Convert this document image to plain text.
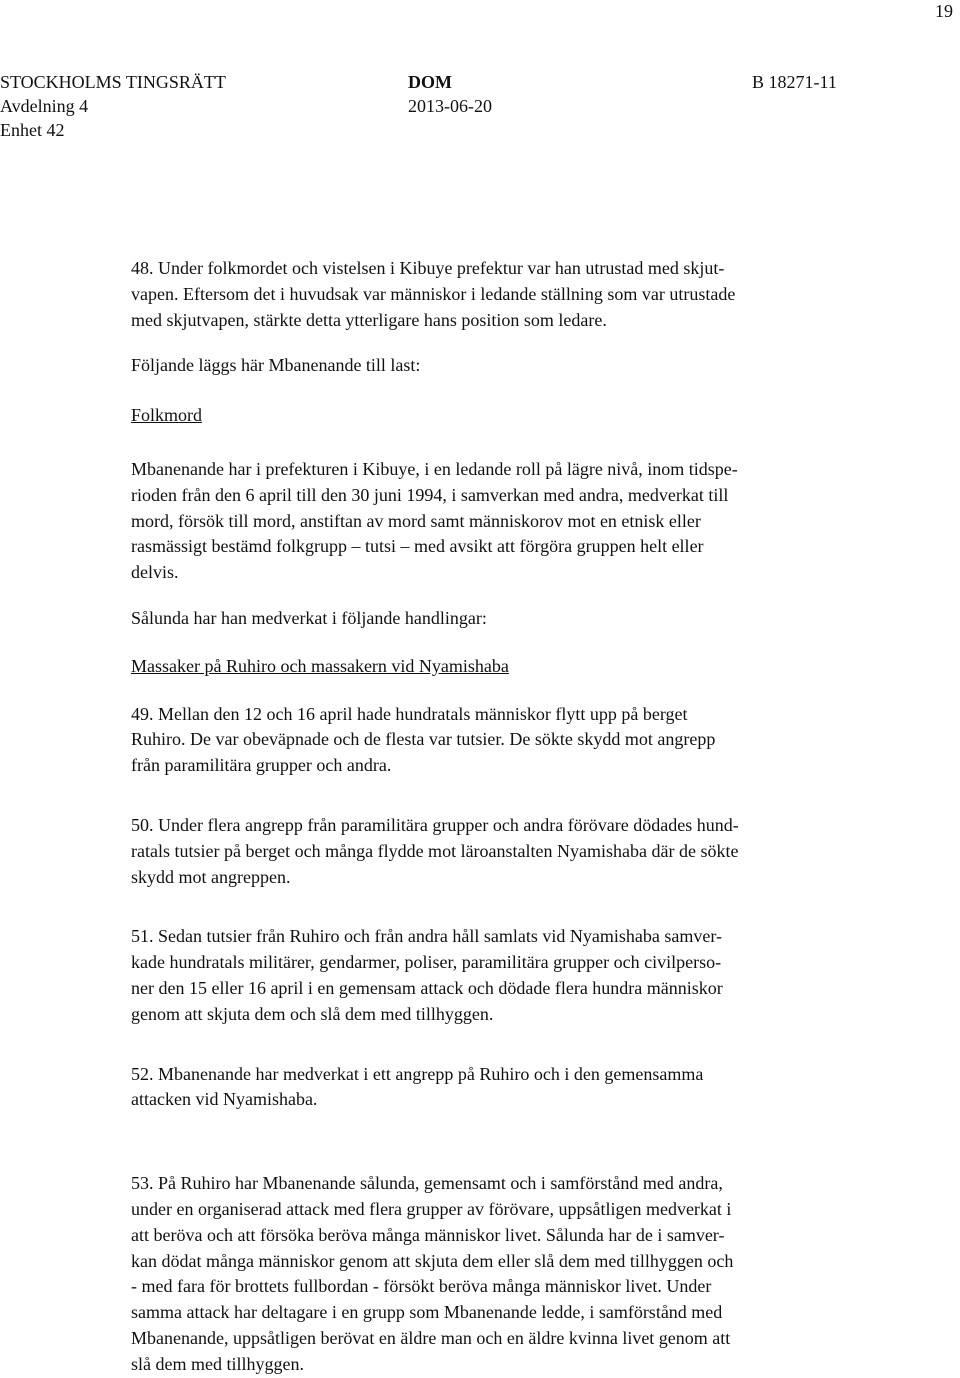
19
STOCKHOLMS TINGSRÄTT
Avdelning 4
Enhet 42
DOM
2013-06-20
B 18271-11

48. Under folkmordet och vistelsen i Kibuye prefektur var han utrustad med skjut-

vapen. Eftersom det i huvudsak var människor i ledande ställning som var utrustade

med skjutvapen, stärkte detta ytterligare hans position som ledare.

Följande läggs här Mbanenande till last:

Folkmord

Mbanenande har i prefekturen i Kibuye, i en ledande roll på lägre nivå, inom tidspe-

rioden från den 6 april till den 30 juni 1994, i samverkan med andra, medverkat till

mord, försök till mord, anstiftan av mord samt människorov mot en etnisk eller

rasmässigt bestämd folkgrupp – tutsi – med avsikt att förgöra gruppen helt eller

delvis.

Sålunda har han medverkat i följande handlingar:

Massaker på Ruhiro och massakern vid Nyamishaba

49. Mellan den 12 och 16 april hade hundratals människor flytt upp på berget

Ruhiro. De var obeväpnade och de flesta var tutsier. De sökte skydd mot angrepp

från paramilitära grupper och andra.

50. Under flera angrepp från paramilitära grupper och andra förövare dödades hund-

ratals tutsier på berget och många flydde mot läroanstalten Nyamishaba där de sökte

skydd mot angreppen.

51. Sedan tutsier från Ruhiro och från andra håll samlats vid Nyamishaba samver-

kade hundratals militärer, gendarmer, poliser, paramilitära grupper och civilperso-

ner den 15 eller 16 april i en gemensam attack och dödade flera hundra människor

genom att skjuta dem och slå dem med tillhyggen.

52. Mbanenande har medverkat i ett angrepp på Ruhiro och i den gemensamma

attacken vid Nyamishaba.

53. På Ruhiro har Mbanenande sålunda, gemensamt och i samförstånd med andra,

under en organiserad attack med flera grupper av förövare, uppsåtligen medverkat i

att beröva och att försöka beröva många människor livet. Sålunda har de i samver-

kan dödat många människor genom att skjuta dem eller slå dem med tillhyggen och

- med fara för brottets fullbordan - försökt beröva många människor livet. Under

samma attack har deltagare i en grupp som Mbanenande ledde, i samförstånd med

Mbanenande, uppsåtligen berövat en äldre man och en äldre kvinna livet genom att

slå dem med tillhyggen.
